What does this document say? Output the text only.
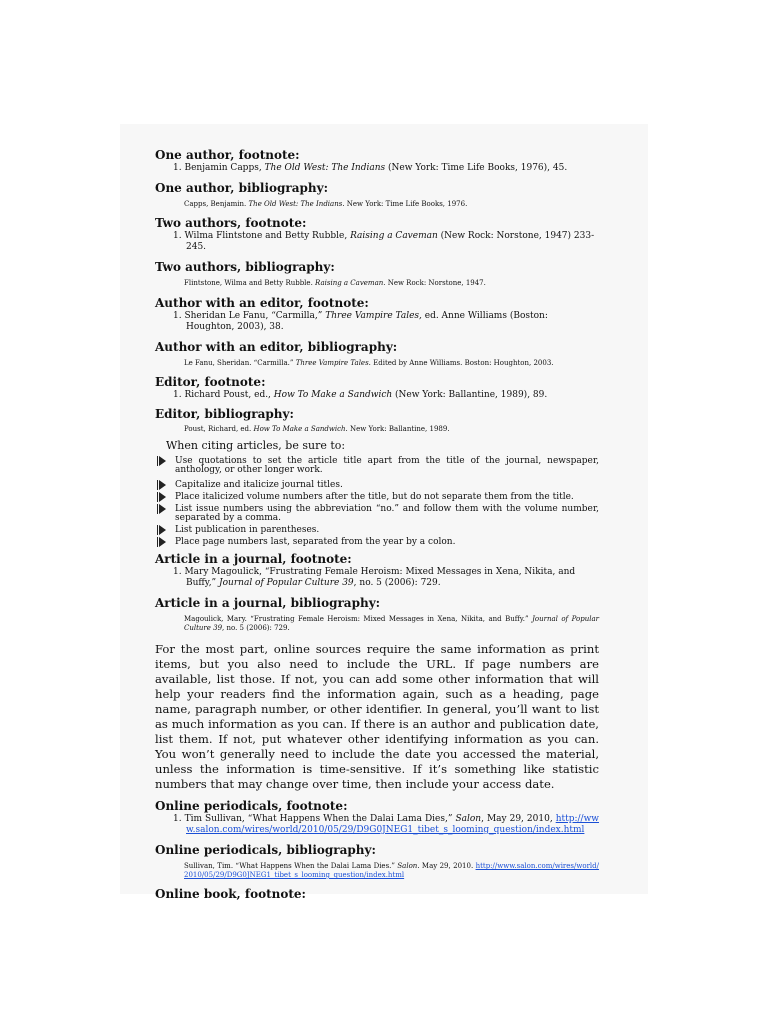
One author, footnote:

1. Benjamin Capps, The Old West: The Indians (New York: Time Life Books, 1976), 45.

One author, bibliography:

Capps, Benjamin. The Old West: The Indians. New York: Time Life Books, 1976.

Two authors, footnote:

1. Wilma Flintstone and Betty Rubble, Raising a Caveman (New Rock: Norstone, 1947) 233-245.

Two authors, bibliography:

Flintstone, Wilma and Betty Rubble. Raising a Caveman. New Rock: Norstone, 1947.

Author with an editor, footnote:

1. Sheridan Le Fanu, “Carmilla,” Three Vampire Tales, ed. Anne Williams (Boston: Houghton, 2003), 38.

Author with an editor, bibliography:

Le Fanu, Sheridan. “Carmilla.” Three Vampire Tales. Edited by Anne Williams. Boston: Houghton, 2003.

Editor, footnote:

1. Richard Poust, ed., How To Make a Sandwich (New York: Ballantine, 1989), 89.

Editor, bibliography:

Poust, Richard, ed. How To Make a Sandwich. New York: Ballantine, 1989.

When citing articles, be sure to:

Use quotations to set the article title apart from the title of the journal, newspaper, anthology, or other longer work.

Capitalize and italicize journal titles.

Place italicized volume numbers after the title, but do not separate them from the title.

List issue numbers using the abbreviation “no.” and follow them with the volume number, separated by a comma.

List publication in parentheses.

Place page numbers last, separated from the year by a colon.

Article in a journal, footnote:

1. Mary Magoulick, “Frustrating Female Heroism: Mixed Messages in Xena, Nikita, and Buffy,” Journal of Popular Culture 39, no. 5 (2006): 729.

Article in a journal, bibliography:

Magoulick, Mary. “Frustrating Female Heroism: Mixed Messages in Xena, Nikita, and Buffy.” Journal of Popular Culture 39, no. 5 (2006): 729.

For the most part, online sources require the same information as print items, but you also need to include the URL. If page numbers are available, list those. If not, you can add some other information that will help your readers find the information again, such as a heading, page name, paragraph number, or other identifier. In general, you’ll want to list as much information as you can. If there is an author and publication date, list them. If not, put whatever other identifying information as you can. You won’t generally need to include the date you accessed the material, unless the information is time-sensitive. If it’s something like statistic numbers that may change over time, then include your access date.

Online periodicals, footnote:

1. Tim Sullivan, “What Happens When the Dalai Lama Dies,” Salon, May 29, 2010, http://www.salon.com/wires/world/2010/05/29/D9G0JNEG1_tibet_s_looming_question/index.html

Online periodicals, bibliography:

Sullivan, Tim. “What Happens When the Dalai Lama Dies.” Salon. May 29, 2010. http://www.salon.com/wires/world/2010/05/29/D9G0JNEG1_tibet_s_looming_question/index.html

Online book, footnote:
